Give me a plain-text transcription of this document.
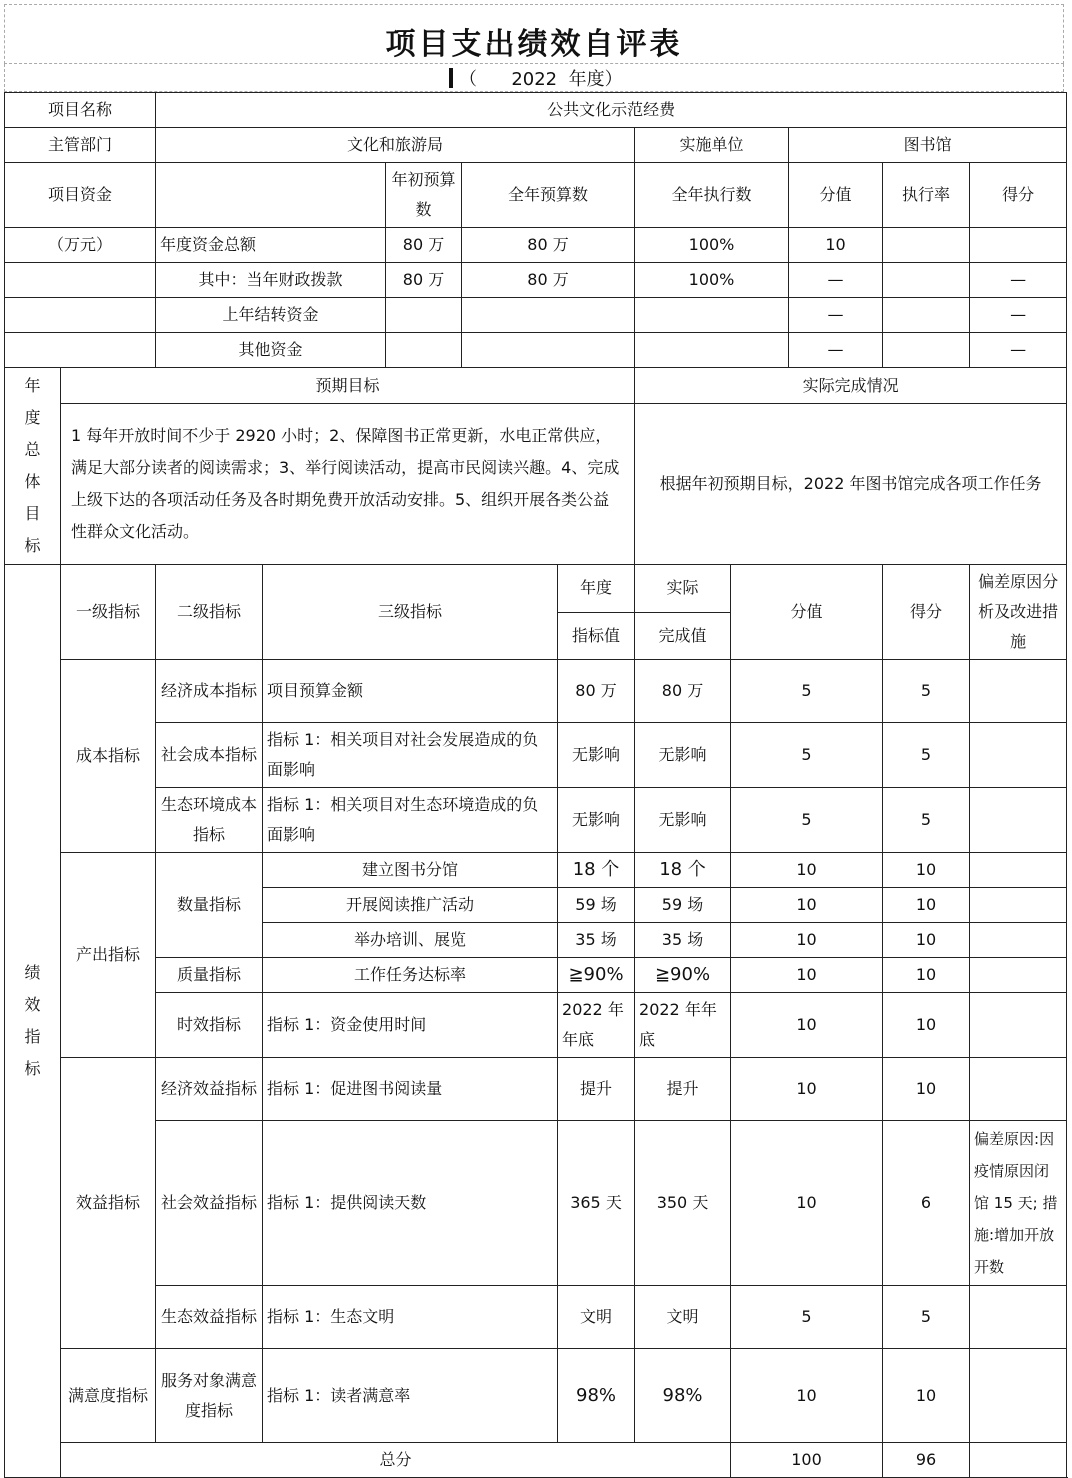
项目支出绩效自评表
（      2022  年度）
项目名称		公共文化示范经费									
主管部门		文化和旅游局					实施单位		图书馆		
项目资金				年初预算数	全年预算数		全年执行数		分值	执行率	得分
（万元）		年度资金总额		80 万	80 万		100%		10		
		其中：当年财政拨款		80 万	80 万		100%		—		—
		上年结转资金							—		—
		其他资金							—		—
年度总体目标	预期目标						实际完成情况				
	1 每年开放时间不少于 2920 小时；2、保障图书正常更新，水电正常供应，满足大部分读者的阅读需求；3、举行阅读活动，提高市民阅读兴趣。4、完成上级下达的各项活动任务及各时期免费开放活动安排。5、组织开展各类公益性群众文化活动。						根据年初预期目标，2022 年图书馆完成各项工作任务				
绩效指标	一级指标	二级指标	三级指标			年度	实际	分值		得分	偏差原因分析及改进措施
						指标值	完成值				
	成本指标	经济成本指标	项目预算金额			80 万	80 万	5		5	
		社会成本指标	指标 1：相关项目对社会发展造成的负面影响			无影响	无影响	5		5	
		生态环境成本指标	指标 1：相关项目对生态环境造成的负面影响			无影响	无影响	5		5	
	产出指标	数量指标	建立图书分馆			18 个	18 个	10		10	
			开展阅读推广活动			59 场	59 场	10		10	
			举办培训、展览			35 场	35 场	10		10	
		质量指标	工作任务达标率			≧90%	≧90%	10		10	
		时效指标	指标 1：资金使用时间			2022 年年底	2022 年年底	10		10	
	效益指标	经济效益指标	指标 1：促进图书阅读量			提升	提升	10		10	
		社会效益指标	指标 1：提供阅读天数			365 天	350 天	10		6	偏差原因:因疫情原因闭馆 15 天; 措施:增加开放开数
		生态效益指标	指标 1：生态文明			文明	文明	5		5	
	满意度指标	服务对象满意度指标	指标 1：读者满意率			98%	98%	10		10	
	总分							100		96	
